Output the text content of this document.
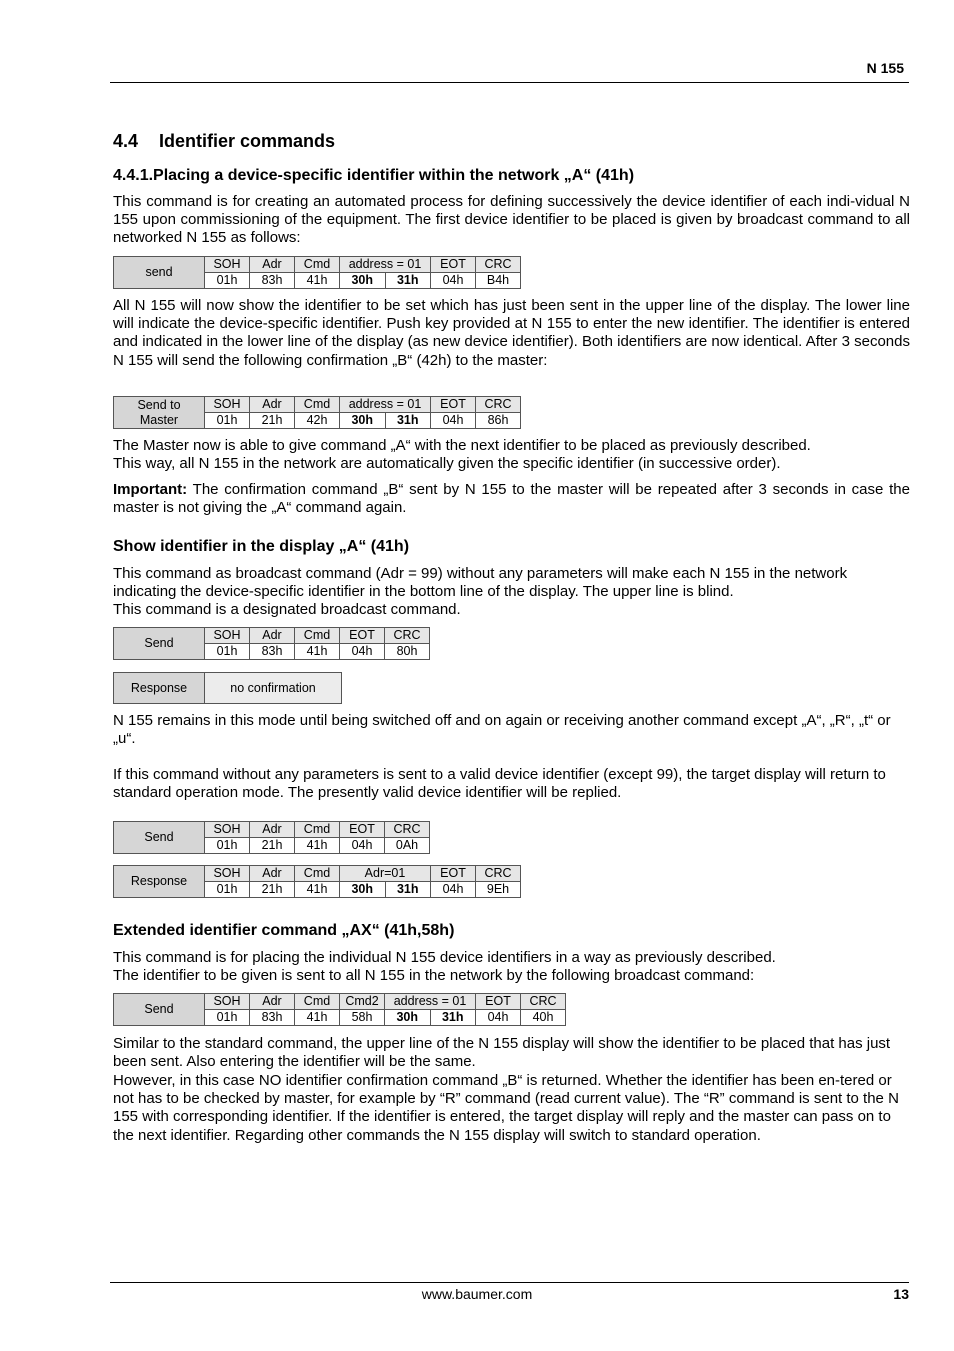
N 155
4.4 Identifier commands
4.4.1.Placing a device-specific identifier within the network „A“ (41h)
This command is for creating an automated process for defining successively the device identifier of each indi-vidual N 155 upon commissioning of the equipment. The first device identifier to be placed is given by broadcast command to all networked N 155 as follows:
send	SOH	Adr	Cmd	address = 01		EOT	CRC
	01h	83h	41h	30h	31h	04h	B4h
All N 155 will now show the identifier to be set which has just been sent in the upper line of the display. The lower line will indicate the device-specific identifier. Push key provided at N 155 to enter the new identifier. The identifier is entered and indicated in the lower line of the display (as new device identifier). Both identifiers are now identical. After 3 seconds N 155 will send the following confirmation „B“ (42h) to the master:
Send to
Master	SOH	Adr	Cmd	address = 01		EOT	CRC
	01h	21h	42h	30h	31h	04h	86h
The Master now is able to give command „A“ with the next identifier to be placed as previously described.
This way, all N 155 in the network are automatically given the specific identifier (in successive order).
Important: The confirmation command „B“ sent by N 155 to the master will be repeated after 3 seconds in case the master is not giving the „A“ command again.
Show identifier in the display „A“ (41h)
This command as broadcast command (Adr = 99) without any parameters will make each N 155 in the network indicating the device-specific identifier in the bottom line of the display. The upper line is blind.
This command is a designated broadcast command.
Send	SOH	Adr	Cmd	EOT	CRC
	01h	83h	41h	04h	80h
Response	no confirmation
N 155 remains in this mode until being switched off and on again or receiving another command except „A“, „R“, „t“ or „u“.
If this command without any parameters is sent to a valid device identifier (except 99), the target display will return to standard operation mode. The presently valid device identifier will be replied.
Send	SOH	Adr	Cmd	EOT	CRC
	01h	21h	41h	04h	0Ah
Response	SOH	Adr	Cmd	Adr=01		EOT	CRC
	01h	21h	41h	30h	31h	04h	9Eh
Extended identifier command „AX“ (41h,58h)
This command is for placing the individual N 155 device identifiers in a way as previously described.
The identifier to be given is sent to all N 155 in the network by the following broadcast command:
Send	SOH	Adr	Cmd	Cmd2	address = 01		EOT	CRC
	01h	83h	41h	58h	30h	31h	04h	40h
Similar to the standard command, the upper line of the N 155 display will show the identifier to be placed that has just been sent. Also entering the identifier will be the same.
However, in this case NO identifier confirmation command „B“ is returned. Whether the identifier has been en-tered or not has to be checked by master, for example by “R” command (read current value). The “R” command is sent to the N 155 with corresponding identifier. If the identifier is entered, the target display will reply and the master can pass on to the next identifier. Regarding other commands the N 155 display will switch to standard operation.
www.baumer.com	13
